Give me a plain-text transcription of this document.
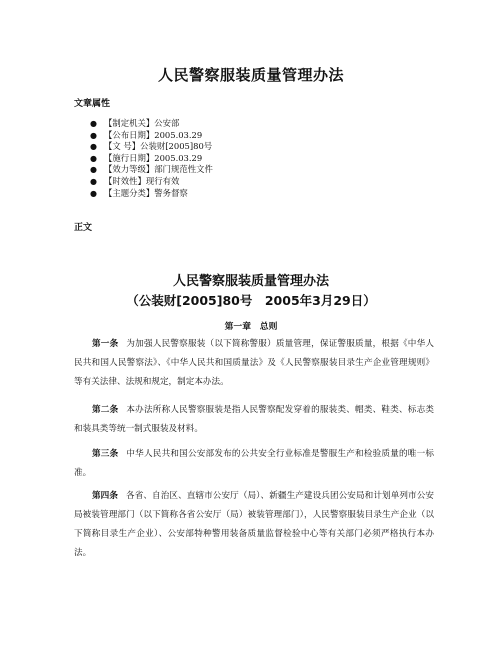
人民警察服装质量管理办法
文章属性
● 【制定机关】公安部
● 【公布日期】2005.03.29
● 【文 号】公装财[2005]80号
● 【施行日期】2005.03.29
● 【效力等级】部门规范性文件
● 【时效性】现行有效
● 【主题分类】警务督察
正文
人民警察服装质量管理办法
（公装财[2005]80号　2005年3月29日）
第一章　总则

第一条 为加强人民警察服装（以下简称警服）质量管理，保证警服质量，根据《中华人民共和国人民警察法》、《中华人民共和国质量法》及《人民警察服装目录生产企业管理规则》等有关法律、法规和规定，制定本办法。

第二条 本办法所称人民警察服装是指人民警察配发穿着的服装类、帽类、鞋类、标志类和装具类等统一制式服装及材料。

第三条 中华人民共和国公安部发布的公共安全行业标准是警服生产和检验质量的唯一标准。

第四条 各省、自治区、直辖市公安厅（局）、新疆生产建设兵团公安局和计划单列市公安局被装管理部门（以下简称各省公安厅（局）被装管理部门），人民警察服装目录生产企业（以下简称目录生产企业）、公安部特种警用装备质量监督检验中心等有关部门必须严格执行本办法。
